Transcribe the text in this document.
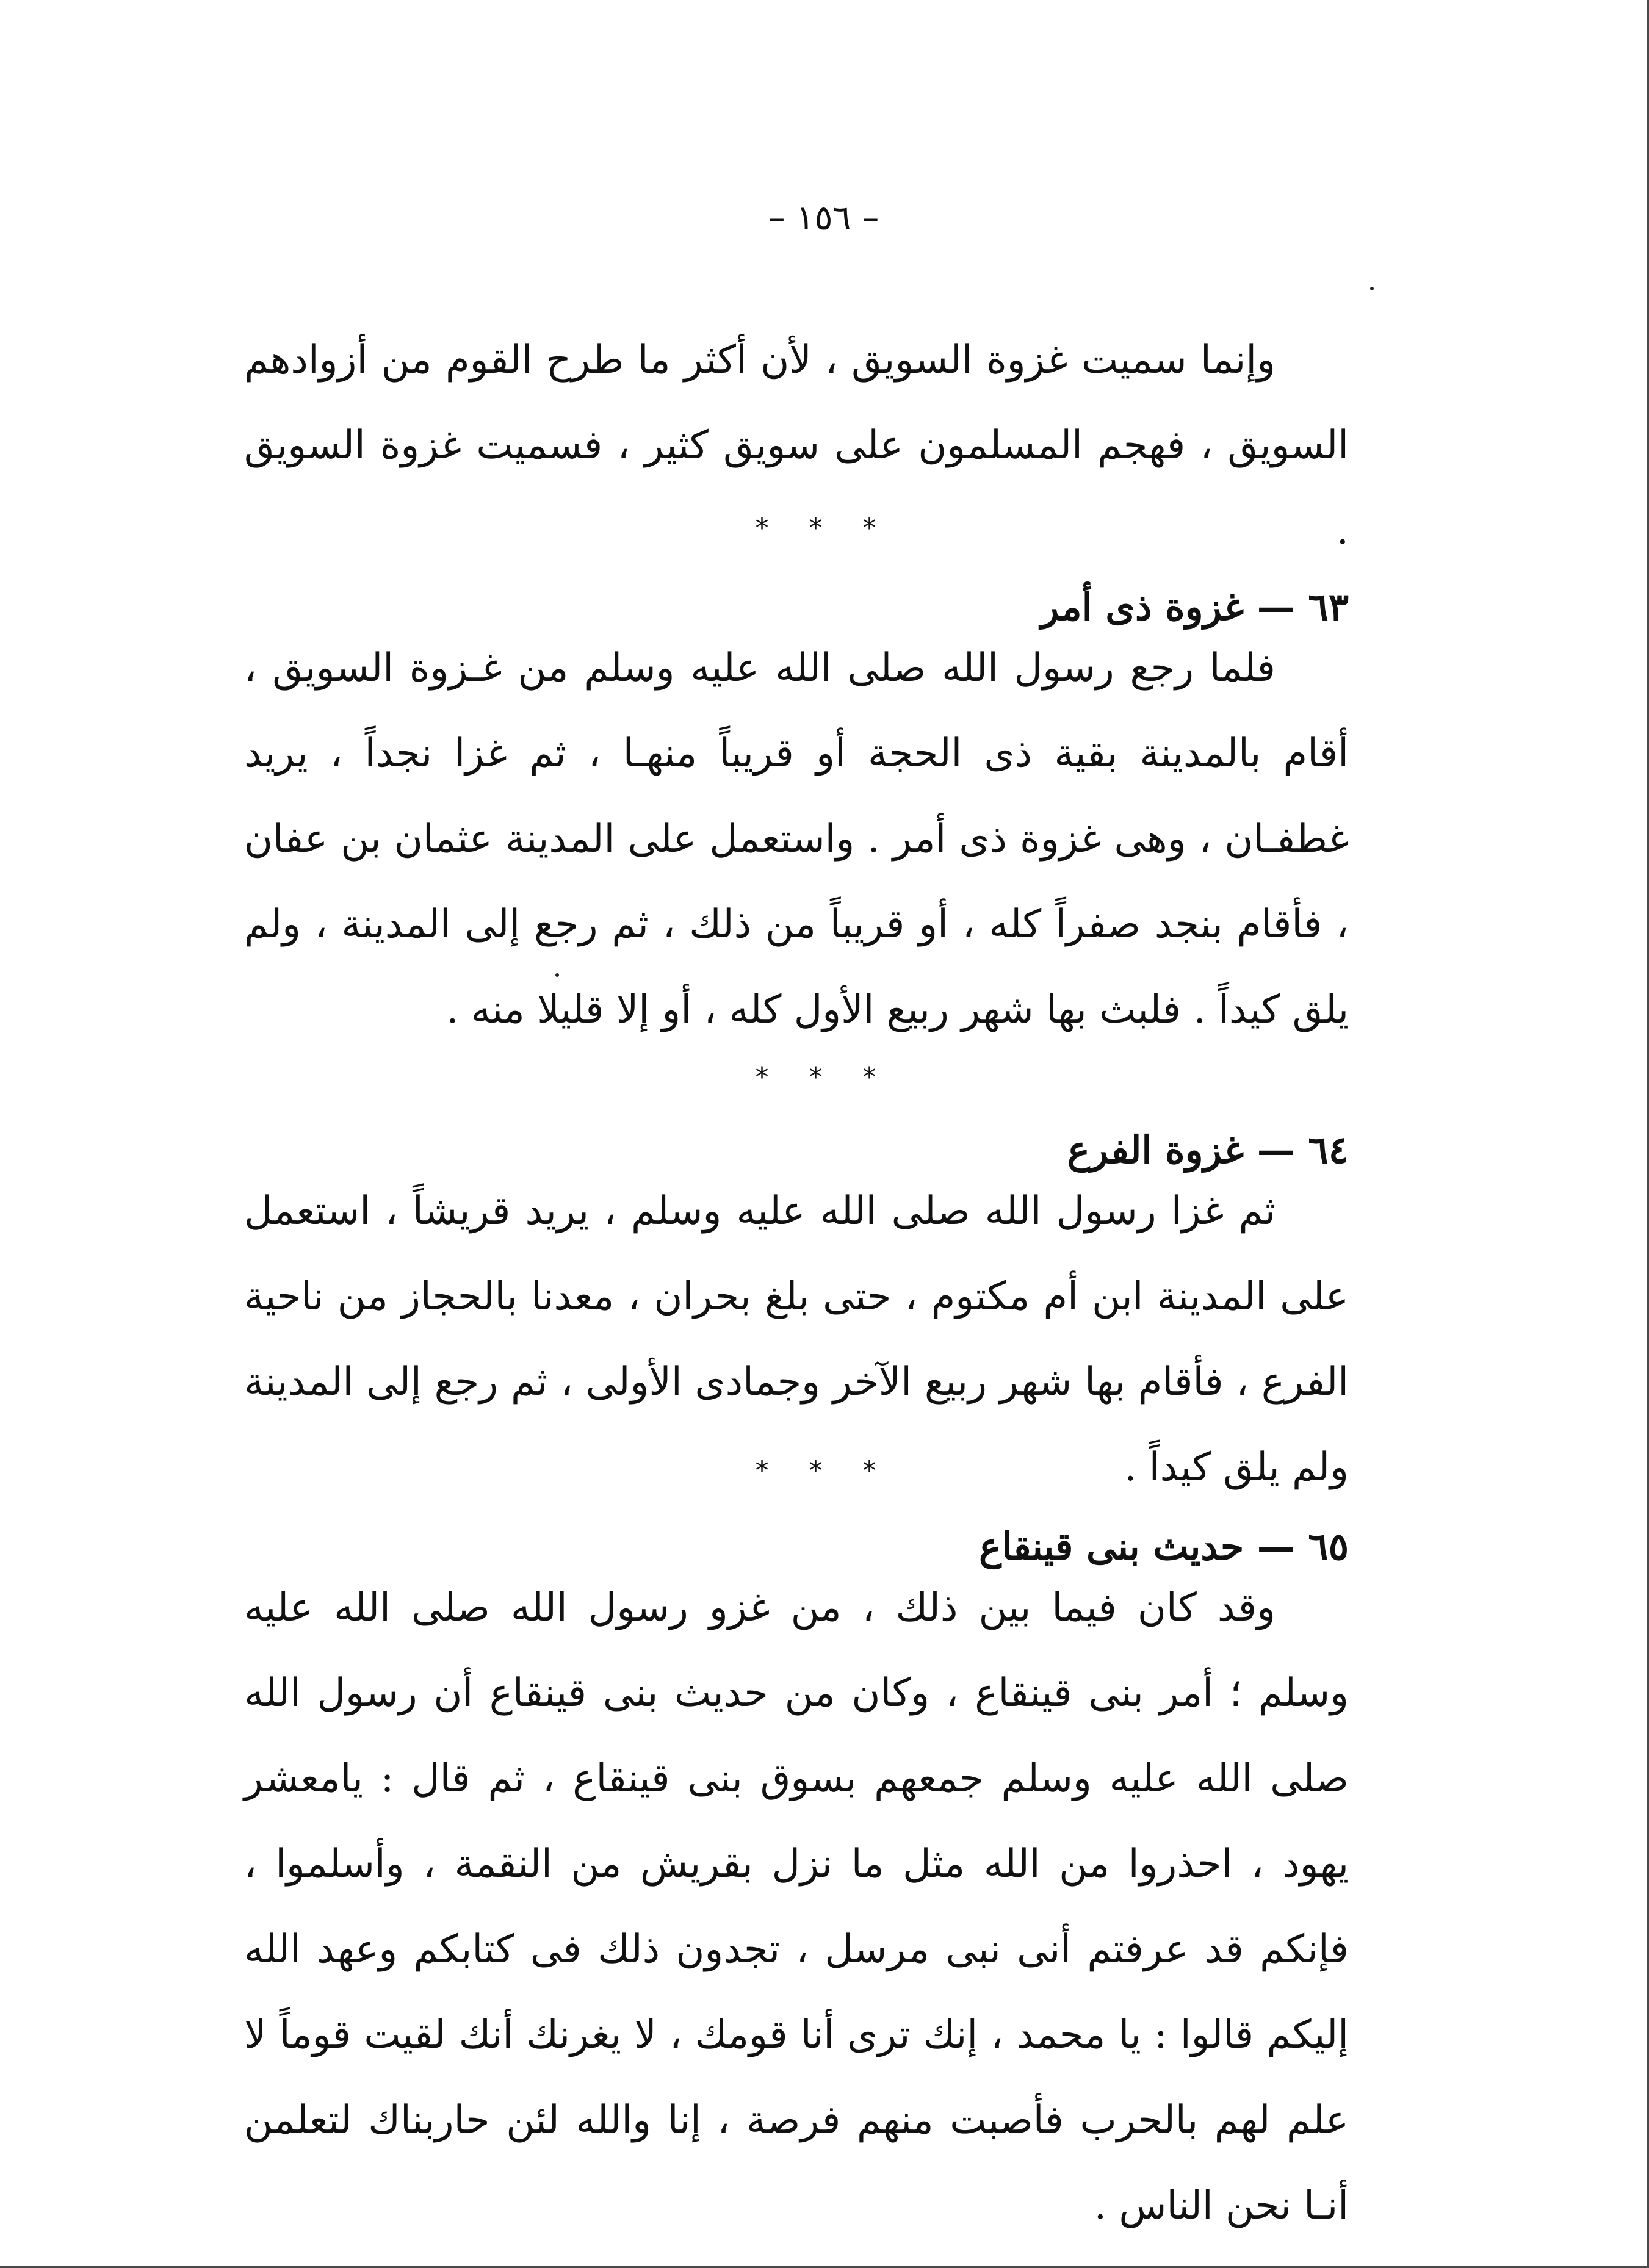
– ١٥٦ –

وإنما سميت غزوة السويق ، لأن أكثر ما طرح القوم من أزوادهم السويق ، فهجم المسلمون على سويق كثير ، فسميت غزوة السويق .

* * *
٦٣ — غزوة ذى أمر

فلما رجع رسول الله صلى الله عليه وسلم من غـزوة السويق ، أقام بالمدينة بقية ذى الحجة أو قريباً منهـا ، ثم غزا نجداً ، يريد غطفـان ، وهى غزوة ذى أمر . واستعمل على المدينة عثمان بن عفان ، فأقام بنجد صفراً كله ، أو قريباً من ذلك ، ثم رجع إلى المدينة ، ولم يلق كيداً . فلبث بها شهر ربيع الأول كله ، أو إلا قليلا منه .

* * *
٦٤ — غزوة الفرع

ثم غزا رسول الله صلى الله عليه وسلم ، يريد قريشاً ، استعمل على المدينة ابن أم مكتوم ، حتى بلغ بحران ، معدنا بالحجاز من ناحية الفرع ، فأقام بها شهر ربيع الآخر وجمادى الأولى ، ثم رجع إلى المدينة ولم يلق كيداً .

* * *
٦٥ — حديث بنى قينقاع

وقد كان فيما بين ذلك ، من غزو رسول الله صلى الله عليه وسلم ؛ أمر بنى قينقاع ، وكان من حديث بنى قينقاع أن رسول الله صلى الله عليه وسلم جمعهم بسوق بنى قينقاع ، ثم قال : يامعشر يهود ، احذروا من الله مثل ما نزل بقريش من النقمة ، وأسلموا ، فإنكم قد عرفتم أنى نبى مرسل ، تجدون ذلك فى كتابكم وعهد الله إليكم قالوا : يا محمد ، إنك ترى أنا قومك ، لا يغرنك أنك لقيت قوماً لا علم لهم بالحرب فأصبت منهم فرصة ، إنا والله لئن حاربناك لتعلمن أنـا نحن الناس .
